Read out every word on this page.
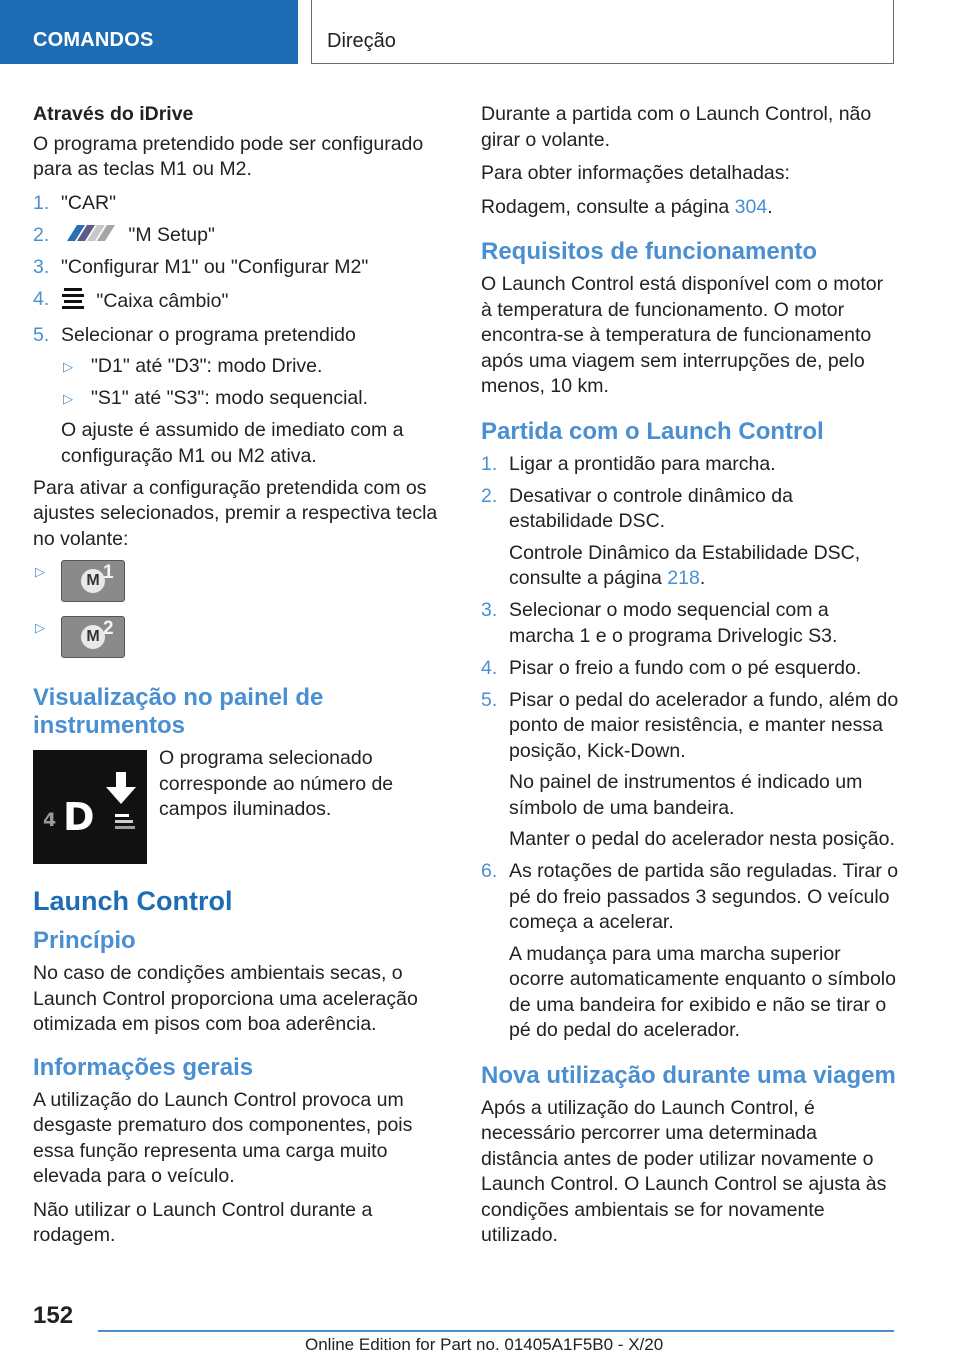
COMANDOS	Direção

Através do iDrive

O programa pretendido pode ser configurado para as teclas M1 ou M2.

1. "CAR"
2.	"M Setup"
3. "Configurar M1" ou "Configurar M2"
4. "Caixa câmbio"
5. Selecionar o programa pretendido
▷ "D1" até "D3": modo Drive.
▷ "S1" até "S3": modo sequencial.

O ajuste é assumido de imediato com a configuração M1 ou M2 ativa.

Para ativar a configuração pretendida com os ajustes selecionados, premir a respectiva tecla no volante:

▷
M 1
▷
M 2
Visualização no painel de instrumentos
4 D

O programa selecionado corresponde ao número de campos iluminados.

Launch Control
Princípio

No caso de condições ambientais secas, o Launch Control proporciona uma aceleração otimizada em pisos com boa aderência.

Informações gerais

A utilização do Launch Control provoca um desgaste prematuro dos componentes, pois essa função representa uma carga muito elevada para o veículo.

Não utilizar o Launch Control durante a rodagem.

Durante a partida com o Launch Control, não girar o volante.

Para obter informações detalhadas:

Rodagem, consulte a página 304.

Requisitos de funcionamento

O Launch Control está disponível com o motor à temperatura de funcionamento. O motor encontra-se à temperatura de funcionamento após uma viagem sem interrupções de, pelo menos, 10 km.

Partida com o Launch Control
1. Ligar a prontidão para marcha.
2. Desativar o controle dinâmico da estabilidade DSC.

Controle Dinâmico da Estabilidade DSC, consulte a página 218.

3. Selecionar o modo sequencial com a marcha 1 e o programa Drivelogic S3.
4. Pisar o freio a fundo com o pé esquerdo.
5. Pisar o pedal do acelerador a fundo, além do ponto de maior resistência, e manter nessa posição, Kick-Down.

No painel de instrumentos é indicado um símbolo de uma bandeira.

Manter o pedal do acelerador nesta posição.

6. As rotações de partida são reguladas. Tirar o pé do freio passados 3 segundos. O veículo começa a acelerar.

A mudança para uma marcha superior ocorre automaticamente enquanto o símbolo de uma bandeira for exibido e não se tirar o pé do pedal do acelerador.

Nova utilização durante uma viagem

Após a utilização do Launch Control, é necessário percorrer uma determinada distância antes de poder utilizar novamente o Launch Control. O Launch Control se ajusta às condições ambientais se for novamente utilizado.

152
Online Edition for Part no. 01405A1F5B0 - X/20
